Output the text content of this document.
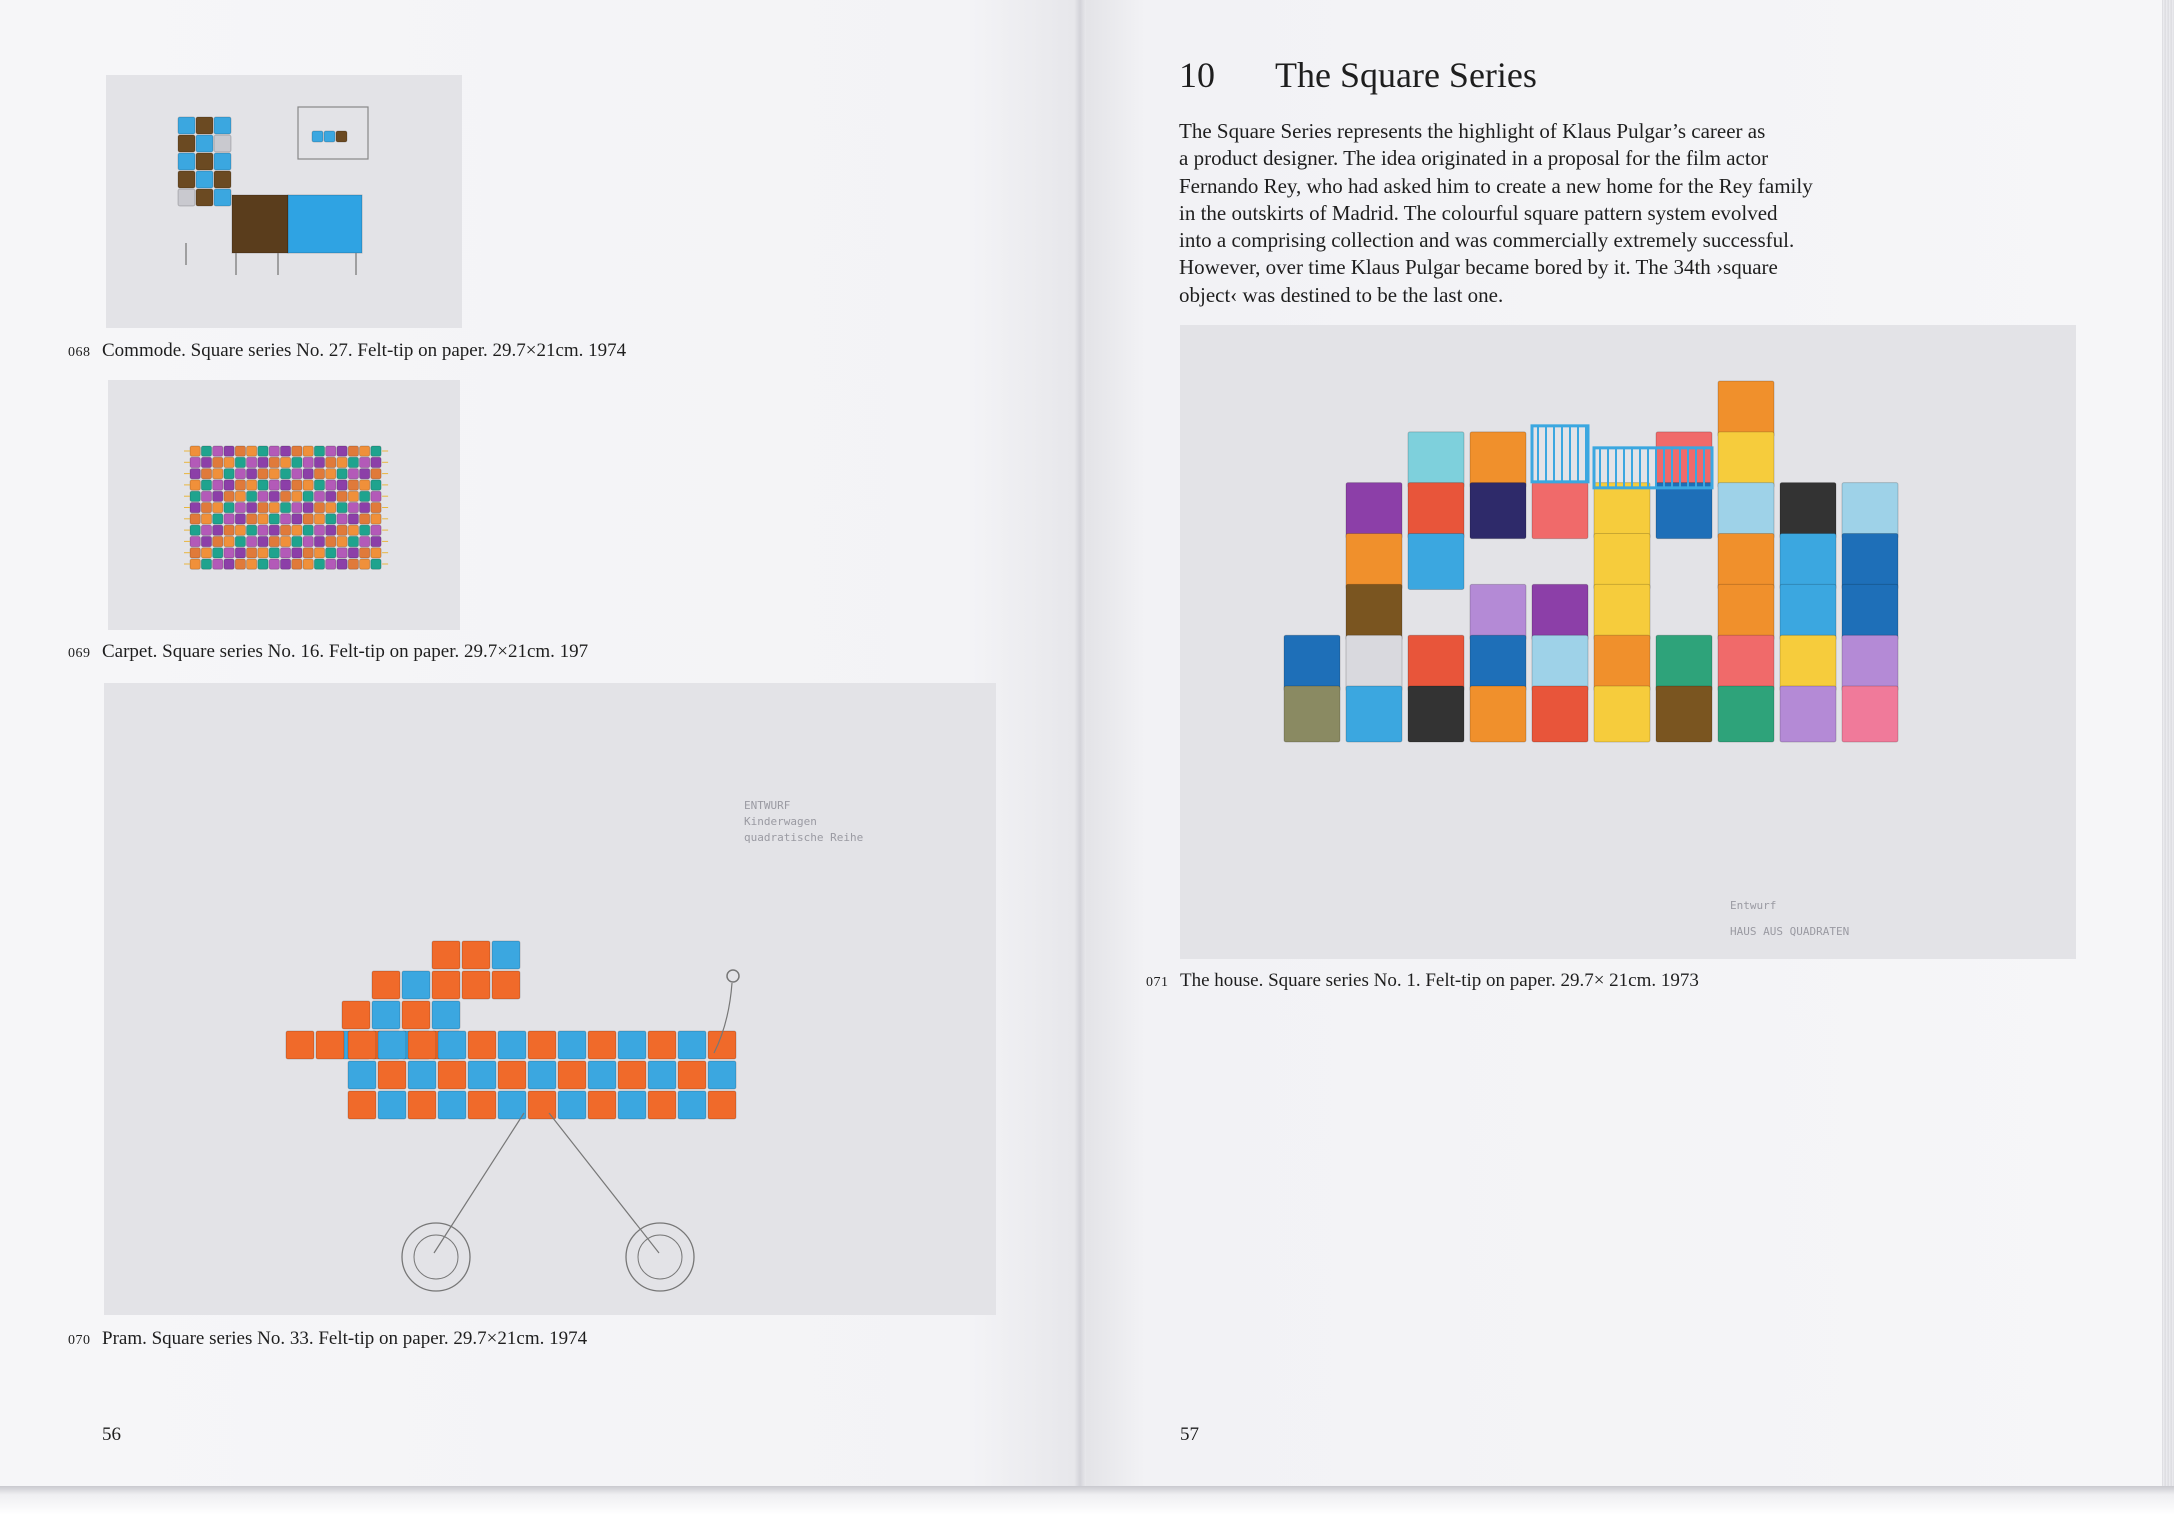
068 Commode. Square series No. 27. Felt-tip on paper. 29.7×21cm. 1974
069 Carpet. Square series No. 16. Felt-tip on paper. 29.7×21cm. 197
ENTWURF
Kinderwagen
quadratische Reihe
070 Pram. Square series No. 33. Felt-tip on paper. 29.7×21cm. 1974
56
10 The Square Series
The Square Series represents the highlight of Klaus Pulgar’s career as
a product designer. The idea originated in a proposal for the film actor
Fernando Rey, who had asked him to create a new home for the Rey family
in the outskirts of Madrid. The colourful square pattern system evolved
into a comprising collection and was commercially extremely successful.
However, over time Klaus Pulgar became bored by it. The 34th ›square
object‹ was destined to be the last one.
Entwurf
HAUS AUS QUADRATEN
071 The house. Square series No. 1. Felt-tip on paper. 29.7× 21cm. 1973
57
